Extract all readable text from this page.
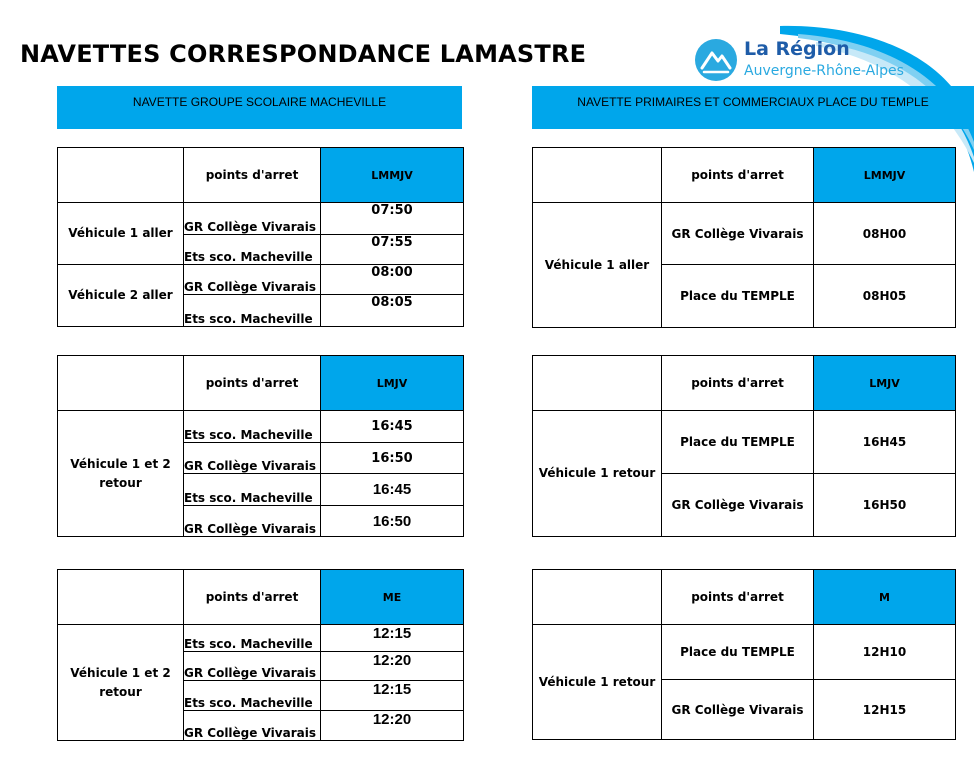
NAVETTES CORRESPONDANCE LAMASTRE	La Région
Auvergne-Rhône-Alpes
NAVETTE GROUPE SCOLAIRE MACHEVILLE	NAVETTE PRIMAIRES ET COMMERCIAUX PLACE DU TEMPLE
	points d'arret	LMMJV
Véhicule 1 aller	GR Collège Vivarais	07:50
	Ets sco. Macheville	07:55
Véhicule 2 aller	GR Collège Vivarais	08:00
	Ets sco. Macheville	08:05
	points d'arret	LMJV
Véhicule 1 et 2 retour	Ets sco. Macheville	16:45
	GR Collège Vivarais	16:50
	Ets sco. Macheville	16:45
	GR Collège Vivarais	16:50
	points d'arret	ME
Véhicule 1 et 2 retour	Ets sco. Macheville	12:15
	GR Collège Vivarais	12:20
	Ets sco. Macheville	12:15
	GR Collège Vivarais	12:20
	points d'arret	LMMJV
Véhicule 1 aller	GR Collège Vivarais	08H00
	Place du TEMPLE	08H05
	points d'arret	LMJV
Véhicule 1 retour	Place du TEMPLE	16H45
	GR Collège Vivarais	16H50
	points d'arret	M
Véhicule 1 retour	Place du TEMPLE	12H10
	GR Collège Vivarais	12H15
